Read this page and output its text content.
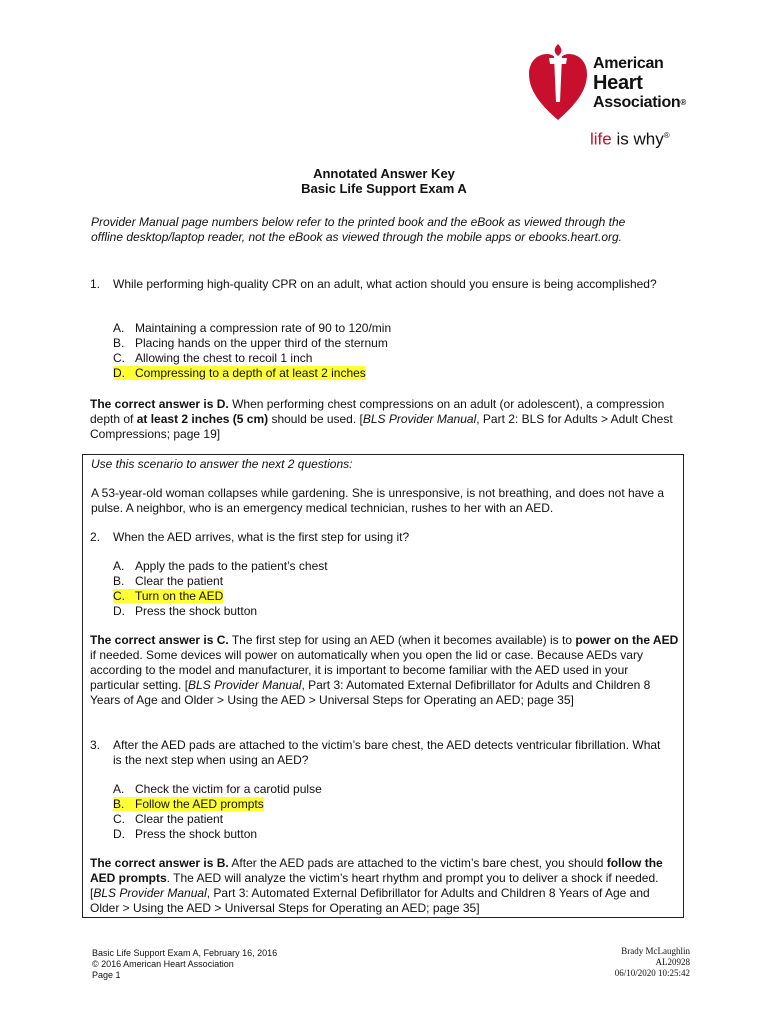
American
Heart
Association®
life is why®
Annotated Answer Key
Basic Life Support Exam A
Provider Manual page numbers below refer to the printed book and the eBook as viewed through the offline desktop/laptop reader, not the eBook as viewed through the mobile apps or ebooks.heart.org.
1. While performing high-quality CPR on an adult, what action should you ensure is being accomplished?
A. Maintaining a compression rate of 90 to 120/min
B. Placing hands on the upper third of the sternum
C. Allowing the chest to recoil 1 inch
D. Compressing to a depth of at least 2 inches
The correct answer is D. When performing chest compressions on an adult (or adolescent), a compression depth of at least 2 inches (5 cm) should be used. [BLS Provider Manual, Part 2: BLS for Adults > Adult Chest Compressions; page 19]
Use this scenario to answer the next 2 questions:
A 53-year-old woman collapses while gardening. She is unresponsive, is not breathing, and does not have a pulse. A neighbor, who is an emergency medical technician, rushes to her with an AED.
2. When the AED arrives, what is the first step for using it?
A. Apply the pads to the patient’s chest
B. Clear the patient
C. Turn on the AED
D. Press the shock button
The correct answer is C. The first step for using an AED (when it becomes available) is to power on the AED if needed. Some devices will power on automatically when you open the lid or case. Because AEDs vary according to the model and manufacturer, it is important to become familiar with the AED used in your particular setting. [BLS Provider Manual, Part 3: Automated External Defibrillator for Adults and Children 8 Years of Age and Older > Using the AED > Universal Steps for Operating an AED; page 35]
3. After the AED pads are attached to the victim’s bare chest, the AED detects ventricular fibrillation. What is the next step when using an AED?
A. Check the victim for a carotid pulse
B. Follow the AED prompts
C. Clear the patient
D. Press the shock button
The correct answer is B. After the AED pads are attached to the victim’s bare chest, you should follow the AED prompts. The AED will analyze the victim’s heart rhythm and prompt you to deliver a shock if needed. [BLS Provider Manual, Part 3: Automated External Defibrillator for Adults and Children 8 Years of Age and Older > Using the AED > Universal Steps for Operating an AED; page 35]
Basic Life Support Exam A, February 16, 2016
© 2016 American Heart Association
Page 1
Brady McLaughlin
AL20928
06/10/2020 10:25:42
